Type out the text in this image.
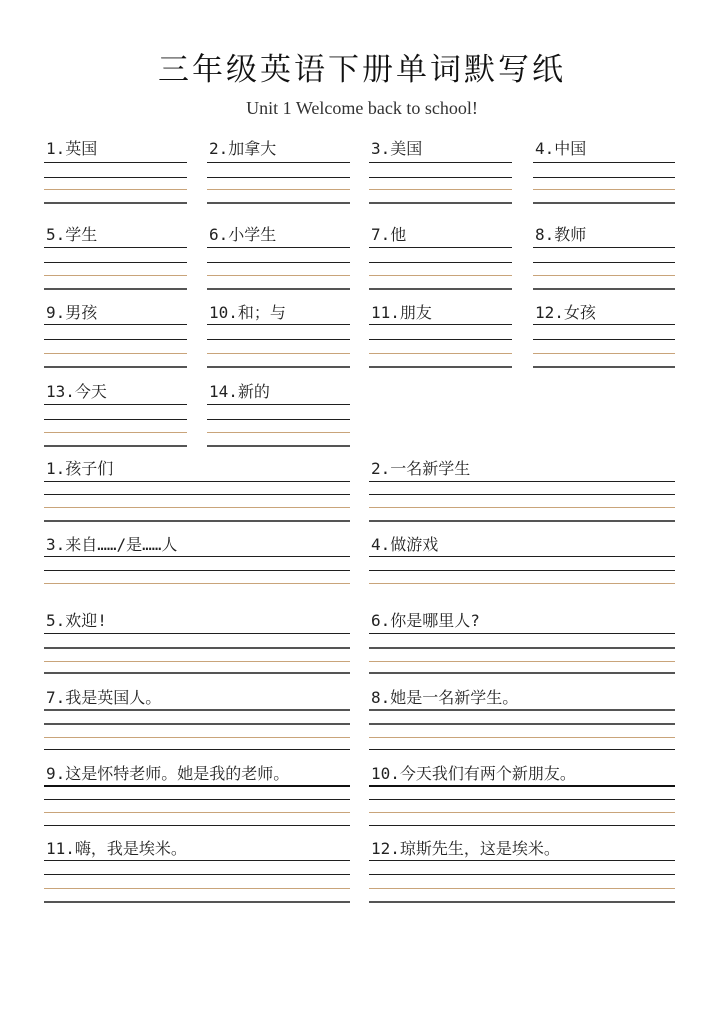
三年级英语下册单词默写纸
Unit 1 Welcome back to school!
1.英国	2.加拿大	3.美国	4.中国
5.学生	6.小学生	7.他	8.教师
9.男孩	10.和；与	11.朋友	12.女孩
13.今天	14.新的
1.孩子们	2.一名新学生
3.来自……/是……人	4.做游戏
5.欢迎!	6.你是哪里人?
7.我是英国人。	8.她是一名新学生。
9.这是怀特老师。她是我的老师。	10.今天我们有两个新朋友。
11.嗨，我是埃米。	12.琼斯先生，这是埃米。
